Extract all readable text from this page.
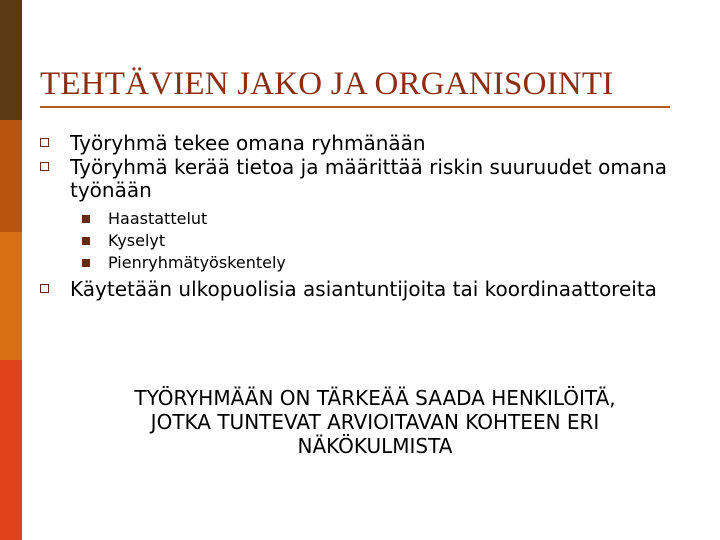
TEHTÄVIEN JAKO JA ORGANISOINTI
Työryhmä tekee omana ryhmänään
Työryhmä kerää tietoa ja määrittää riskin suuruudet omana työnään
Haastattelut
Kyselyt
Pienryhmätyöskentely
Käytetään ulkopuolisia asiantuntijoita tai koordinaattoreita
TYÖRYHMÄÄN ON TÄRKEÄÄ SAADA HENKILÖITÄ,
JOTKA TUNTEVAT ARVIOITAVAN KOHTEEN ERI
NÄKÖKULMISTA
